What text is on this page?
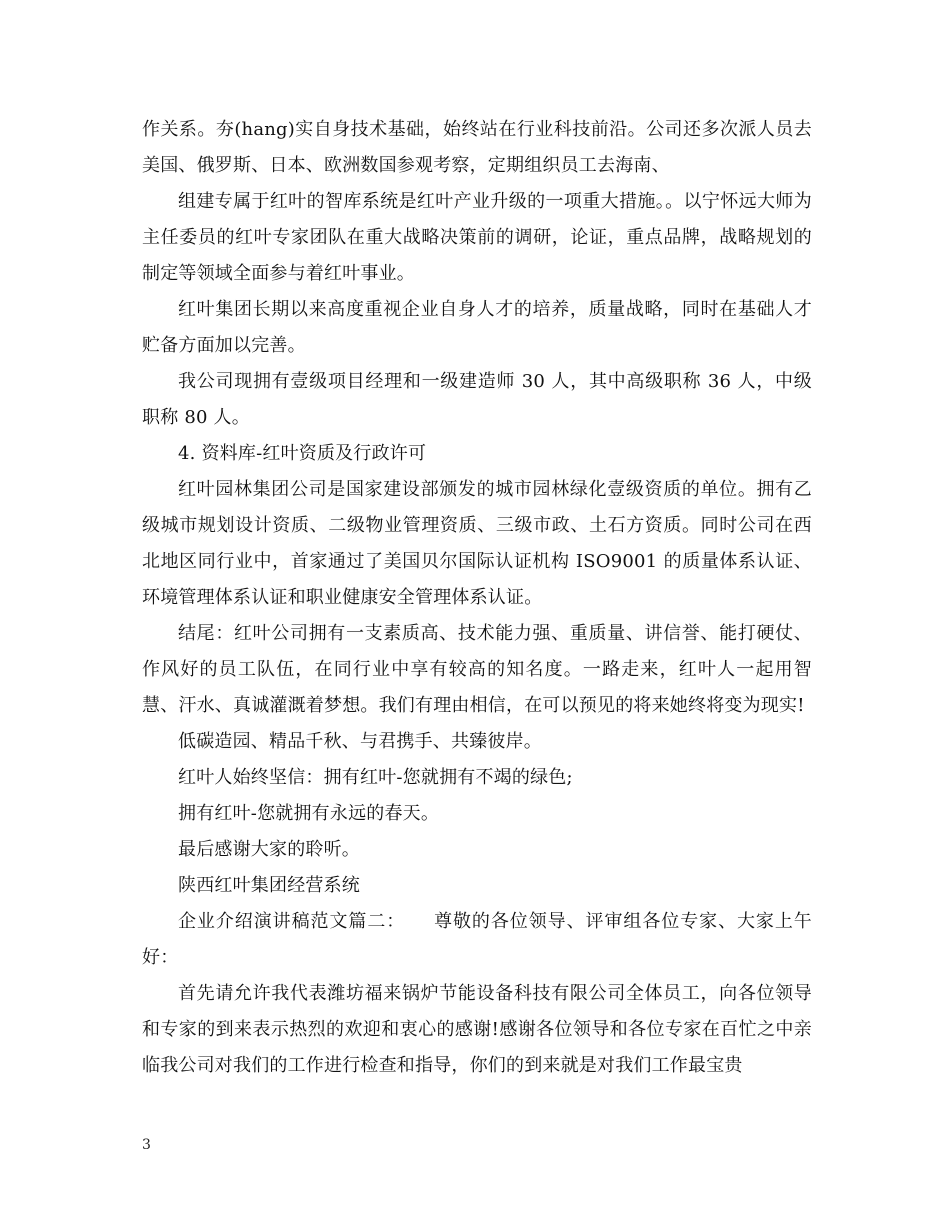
作关系。夯(hang)实自身技术基础，始终站在行业科技前沿。公司还多次派人员去美国、俄罗斯、日本、欧洲数国参观考察，定期组织员工去海南、

组建专属于红叶的智库系统是红叶产业升级的一项重大措施。。以宁怀远大师为主任委员的红叶专家团队在重大战略决策前的调研，论证，重点品牌，战略规划的制定等领域全面参与着红叶事业。

红叶集团长期以来高度重视企业自身人才的培养，质量战略，同时在基础人才贮备方面加以完善。

我公司现拥有壹级项目经理和一级建造师 30 人，其中高级职称 36 人，中级职称 80 人。

4. 资料库-红叶资质及行政许可

红叶园林集团公司是国家建设部颁发的城市园林绿化壹级资质的单位。拥有乙级城市规划设计资质、二级物业管理资质、三级市政、土石方资质。同时公司在西北地区同行业中，首家通过了美国贝尔国际认证机构 ISO9001 的质量体系认证、环境管理体系认证和职业健康安全管理体系认证。

结尾：红叶公司拥有一支素质高、技术能力强、重质量、讲信誉、能打硬仗、作风好的员工队伍，在同行业中享有较高的知名度。一路走来，红叶人一起用智慧、汗水、真诚灌溉着梦想。我们有理由相信，在可以预见的将来她终将变为现实!

低碳造园、精品千秋、与君携手、共臻彼岸。

红叶人始终坚信：拥有红叶-您就拥有不竭的绿色;

拥有红叶-您就拥有永远的春天。

最后感谢大家的聆听。

陕西红叶集团经营系统

企业介绍演讲稿范文篇二：　　尊敬的各位领导、评审组各位专家、大家上午好：

首先请允许我代表潍坊福来锅炉节能设备科技有限公司全体员工，向各位领导和专家的到来表示热烈的欢迎和衷心的感谢!感谢各位领导和各位专家在百忙之中亲临我公司对我们的工作进行检查和指导，你们的到来就是对我们工作最宝贵

3
